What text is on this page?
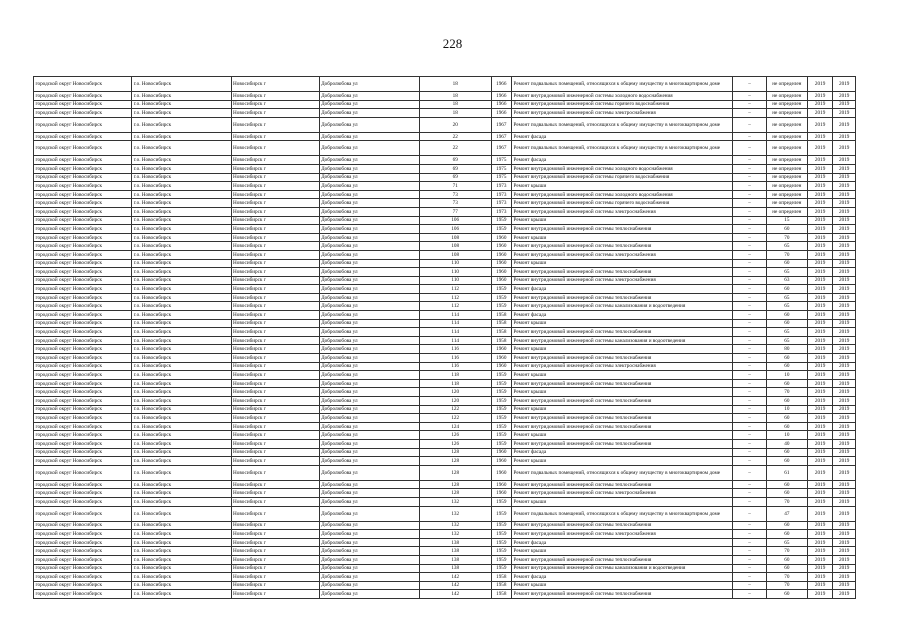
228
городской округ Новосибирск	г.о. Новосибирск	Новосибирск г	Добролюбова ул	18	1966	Ремонт подвальных помещений, относящихся к общему имуществу в многоквартирном доме	–	не определен	2019	2019
городской округ Новосибирск	г.о. Новосибирск	Новосибирск г	Добролюбова ул	18	1966	Ремонт внутридомовой инженерной системы холодного водоснабжения	–	не определен	2019	2019
городской округ Новосибирск	г.о. Новосибирск	Новосибирск г	Добролюбова ул	18	1966	Ремонт внутридомовой инженерной системы горячего водоснабжения	–	не определен	2019	2019
городской округ Новосибирск	г.о. Новосибирск	Новосибирск г	Добролюбова ул	18	1966	Ремонт внутридомовой инженерной системы электроснабжения	–	не определен	2019	2019
городской округ Новосибирск	г.о. Новосибирск	Новосибирск г	Добролюбова ул	20	1967	Ремонт подвальных помещений, относящихся к общему имуществу в многоквартирном доме	–	не определен	2019	2019
городской округ Новосибирск	г.о. Новосибирск	Новосибирск г	Добролюбова ул	22	1967	Ремонт фасада	–	не определен	2019	2019
городской округ Новосибирск	г.о. Новосибирск	Новосибирск г	Добролюбова ул	22	1967	Ремонт подвальных помещений, относящихся к общему имуществу в многоквартирном доме	–	не определен	2019	2019
городской округ Новосибирск	г.о. Новосибирск	Новосибирск г	Добролюбова ул	69	1975	Ремонт фасада	–	не определен	2019	2019
городской округ Новосибирск	г.о. Новосибирск	Новосибирск г	Добролюбова ул	69	1975	Ремонт внутридомовой инженерной системы холодного водоснабжения	–	не определен	2019	2019
городской округ Новосибирск	г.о. Новосибирск	Новосибирск г	Добролюбова ул	69	1975	Ремонт внутридомовой инженерной системы горячего водоснабжения	–	не определен	2019	2019
городской округ Новосибирск	г.о. Новосибирск	Новосибирск г	Добролюбова ул	71	1973	Ремонт крыши	–	не определен	2019	2019
городской округ Новосибирск	г.о. Новосибирск	Новосибирск г	Добролюбова ул	73	1973	Ремонт внутридомовой инженерной системы холодного водоснабжения	–	не определен	2019	2019
городской округ Новосибирск	г.о. Новосибирск	Новосибирск г	Добролюбова ул	73	1973	Ремонт внутридомовой инженерной системы горячего водоснабжения	–	не определен	2019	2019
городской округ Новосибирск	г.о. Новосибирск	Новосибирск г	Добролюбова ул	77	1973	Ремонт внутридомовой инженерной системы электроснабжения	–	не определен	2019	2019
городской округ Новосибирск	г.о. Новосибирск	Новосибирск г	Добролюбова ул	106	1959	Ремонт крыши	–	15	2019	2019
городской округ Новосибирск	г.о. Новосибирск	Новосибирск г	Добролюбова ул	106	1959	Ремонт внутридомовой инженерной системы теплоснабжения	–	60	2019	2019
городской округ Новосибирск	г.о. Новосибирск	Новосибирск г	Добролюбова ул	108	1960	Ремонт крыши	–	70	2019	2019
городской округ Новосибирск	г.о. Новосибирск	Новосибирск г	Добролюбова ул	108	1960	Ремонт внутридомовой инженерной системы теплоснабжения	–	65	2019	2019
городской округ Новосибирск	г.о. Новосибирск	Новосибирск г	Добролюбова ул	108	1960	Ремонт внутридомовой инженерной системы электроснабжения	–	70	2019	2019
городской округ Новосибирск	г.о. Новосибирск	Новосибирск г	Добролюбова ул	110	1960	Ремонт крыши	–	60	2019	2019
городской округ Новосибирск	г.о. Новосибирск	Новосибирск г	Добролюбова ул	110	1960	Ремонт внутридомовой инженерной системы теплоснабжения	–	65	2019	2019
городской округ Новосибирск	г.о. Новосибирск	Новосибирск г	Добролюбова ул	110	1960	Ремонт внутридомовой инженерной системы электроснабжения	–	63	2019	2019
городской округ Новосибирск	г.о. Новосибирск	Новосибирск г	Добролюбова ул	112	1959	Ремонт фасада	–	60	2019	2019
городской округ Новосибирск	г.о. Новосибирск	Новосибирск г	Добролюбова ул	112	1959	Ремонт внутридомовой инженерной системы теплоснабжения	–	65	2019	2019
городской округ Новосибирск	г.о. Новосибирск	Новосибирск г	Добролюбова ул	112	1959	Ремонт внутридомовой инженерной системы канализования и водоотведения	–	65	2019	2019
городской округ Новосибирск	г.о. Новосибирск	Новосибирск г	Добролюбова ул	114	1958	Ремонт фасада	–	60	2019	2019
городской округ Новосибирск	г.о. Новосибирск	Новосибирск г	Добролюбова ул	114	1958	Ремонт крыши	–	60	2019	2019
городской округ Новосибирск	г.о. Новосибирск	Новосибирск г	Добролюбова ул	114	1958	Ремонт внутридомовой инженерной системы теплоснабжения	–	65	2019	2019
городской округ Новосибирск	г.о. Новосибирск	Новосибирск г	Добролюбова ул	114	1958	Ремонт внутридомовой инженерной системы канализования и водоотведения	–	65	2019	2019
городской округ Новосибирск	г.о. Новосибирск	Новосибирск г	Добролюбова ул	116	1960	Ремонт крыши	–	80	2019	2019
городской округ Новосибирск	г.о. Новосибирск	Новосибирск г	Добролюбова ул	116	1960	Ремонт внутридомовой инженерной системы теплоснабжения	–	60	2019	2019
городской округ Новосибирск	г.о. Новосибирск	Новосибирск г	Добролюбова ул	116	1960	Ремонт внутридомовой инженерной системы электроснабжения	–	60	2019	2019
городской округ Новосибирск	г.о. Новосибирск	Новосибирск г	Добролюбова ул	118	1959	Ремонт крыши	–	10	2019	2019
городской округ Новосибирск	г.о. Новосибирск	Новосибирск г	Добролюбова ул	118	1959	Ремонт внутридомовой инженерной системы теплоснабжения	–	60	2019	2019
городской округ Новосибирск	г.о. Новосибирск	Новосибирск г	Добролюбова ул	120	1959	Ремонт крыши	–	70	2019	2019
городской округ Новосибирск	г.о. Новосибирск	Новосибирск г	Добролюбова ул	120	1959	Ремонт внутридомовой инженерной системы теплоснабжения	–	60	2019	2019
городской округ Новосибирск	г.о. Новосибирск	Новосибирск г	Добролюбова ул	122	1959	Ремонт крыши	–	10	2019	2019
городской округ Новосибирск	г.о. Новосибирск	Новосибирск г	Добролюбова ул	122	1959	Ремонт внутридомовой инженерной системы теплоснабжения	–	60	2019	2019
городской округ Новосибирск	г.о. Новосибирск	Новосибирск г	Добролюбова ул	124	1959	Ремонт внутридомовой инженерной системы теплоснабжения	–	60	2019	2019
городской округ Новосибирск	г.о. Новосибирск	Новосибирск г	Добролюбова ул	126	1959	Ремонт крыши	–	10	2019	2019
городской округ Новосибирск	г.о. Новосибирск	Новосибирск г	Добролюбова ул	126	1959	Ремонт внутридомовой инженерной системы теплоснабжения	–	40	2019	2019
городской округ Новосибирск	г.о. Новосибирск	Новосибирск г	Добролюбова ул	128	1960	Ремонт фасада	–	60	2019	2019
городской округ Новосибирск	г.о. Новосибирск	Новосибирск г	Добролюбова ул	128	1960	Ремонт крыши	–	60	2019	2019
городской округ Новосибирск	г.о. Новосибирск	Новосибирск г	Добролюбова ул	128	1960	Ремонт подвальных помещений, относящихся к общему имуществу в многоквартирном доме	–	61	2019	2019
городской округ Новосибирск	г.о. Новосибирск	Новосибирск г	Добролюбова ул	128	1960	Ремонт внутридомовой инженерной системы теплоснабжения	–	60	2019	2019
городской округ Новосибирск	г.о. Новосибирск	Новосибирск г	Добролюбова ул	128	1960	Ремонт внутридомовой инженерной системы электроснабжения	–	60	2019	2019
городской округ Новосибирск	г.о. Новосибирск	Новосибирск г	Добролюбова ул	132	1959	Ремонт крыши	–	70	2019	2019
городской округ Новосибирск	г.о. Новосибирск	Новосибирск г	Добролюбова ул	132	1959	Ремонт подвальных помещений, относящихся к общему имуществу в многоквартирном доме	–	47	2019	2019
городской округ Новосибирск	г.о. Новосибирск	Новосибирск г	Добролюбова ул	132	1959	Ремонт внутридомовой инженерной системы теплоснабжения	–	60	2019	2019
городской округ Новосибирск	г.о. Новосибирск	Новосибирск г	Добролюбова ул	132	1959	Ремонт внутридомовой инженерной системы электроснабжения	–	60	2019	2019
городской округ Новосибирск	г.о. Новосибирск	Новосибирск г	Добролюбова ул	138	1959	Ремонт фасада	–	65	2019	2019
городской округ Новосибирск	г.о. Новосибирск	Новосибирск г	Добролюбова ул	138	1959	Ремонт крыши	–	70	2019	2019
городской округ Новосибирск	г.о. Новосибирск	Новосибирск г	Добролюбова ул	138	1959	Ремонт внутридомовой инженерной системы теплоснабжения	–	60	2019	2019
городской округ Новосибирск	г.о. Новосибирск	Новосибирск г	Добролюбова ул	138	1959	Ремонт внутридомовой инженерной системы канализования и водоотведения	–	60	2019	2019
городской округ Новосибирск	г.о. Новосибирск	Новосибирск г	Добролюбова ул	142	1958	Ремонт фасада	–	70	2019	2019
городской округ Новосибирск	г.о. Новосибирск	Новосибирск г	Добролюбова ул	142	1958	Ремонт крыши	–	70	2019	2019
городской округ Новосибирск	г.о. Новосибирск	Новосибирск г	Добролюбова ул	142	1958	Ремонт внутридомовой инженерной системы теплоснабжения	–	60	2019	2019
